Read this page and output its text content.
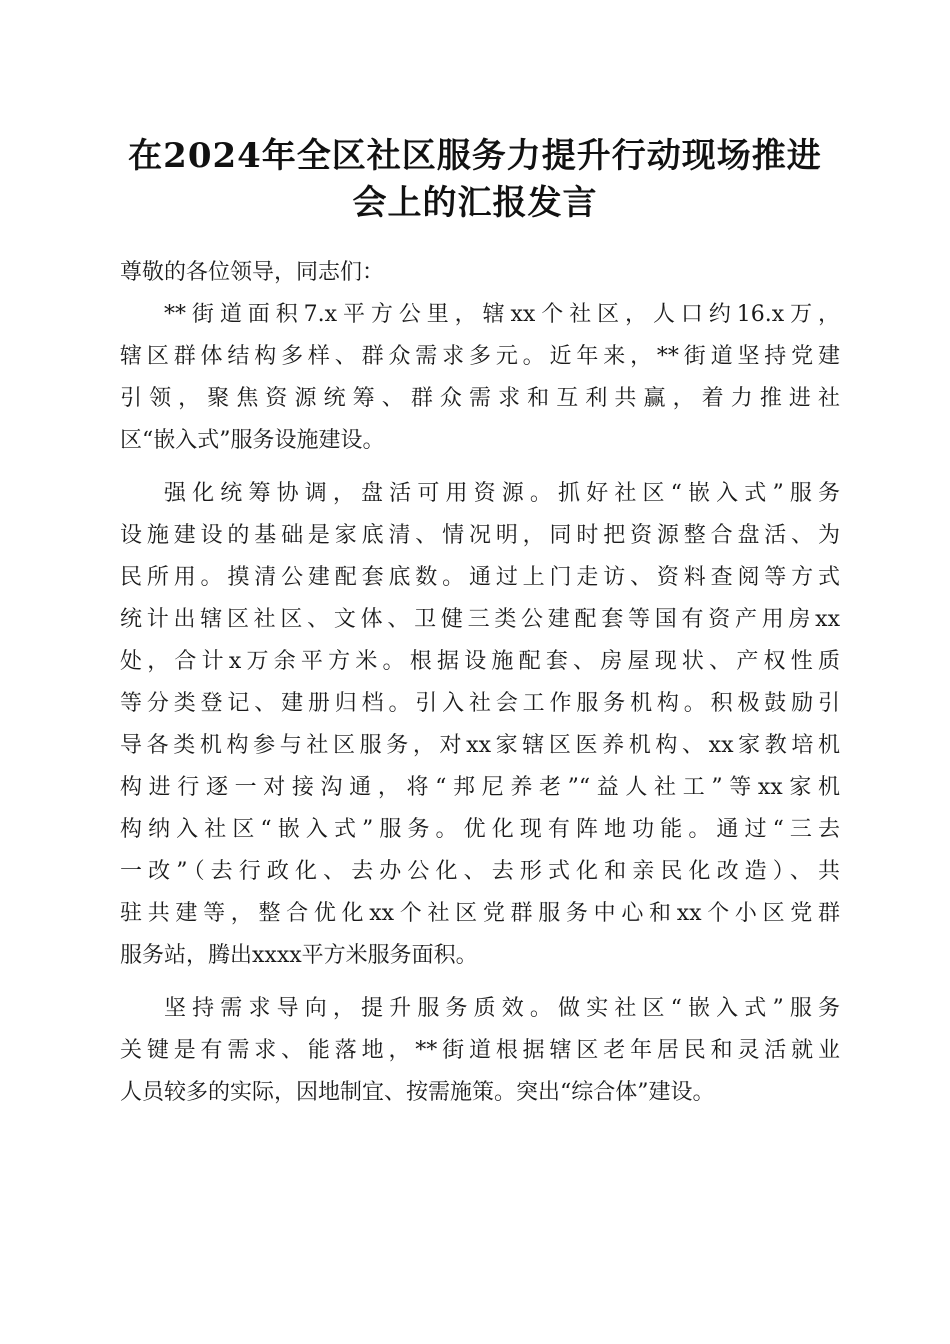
在2024年全区社区服务力提升行动现场推进
会上的汇报发言
尊敬的各位领导，同志们：
**街道面积7.x平方公里，辖xx个社区，人口约16.x万，
辖区群体结构多样、群众需求多元。近年来，**街道坚持党建
引领，聚焦资源统筹、群众需求和互利共赢，着力推进社
区“嵌入式”服务设施建设。
强化统筹协调，盘活可用资源。抓好社区“嵌入式”服务
设施建设的基础是家底清、情况明，同时把资源整合盘活、为
民所用。摸清公建配套底数。通过上门走访、资料查阅等方式
统计出辖区社区、文体、卫健三类公建配套等国有资产用房xx
处，合计x万余平方米。根据设施配套、房屋现状、产权性质
等分类登记、建册归档。引入社会工作服务机构。积极鼓励引
导各类机构参与社区服务，对xx家辖区医养机构、xx家教培机
构进行逐一对接沟通，将“邦尼养老”“益人社工”等xx家机
构纳入社区“嵌入式”服务。优化现有阵地功能。通过“三去
一改”（去行政化、去办公化、去形式化和亲民化改造）、共
驻共建等，整合优化xx个社区党群服务中心和xx个小区党群
服务站，腾出xxxx平方米服务面积。
坚持需求导向，提升服务质效。做实社区“嵌入式”服务
关键是有需求、能落地，**街道根据辖区老年居民和灵活就业
人员较多的实际，因地制宜、按需施策。突出“综合体”建设。
